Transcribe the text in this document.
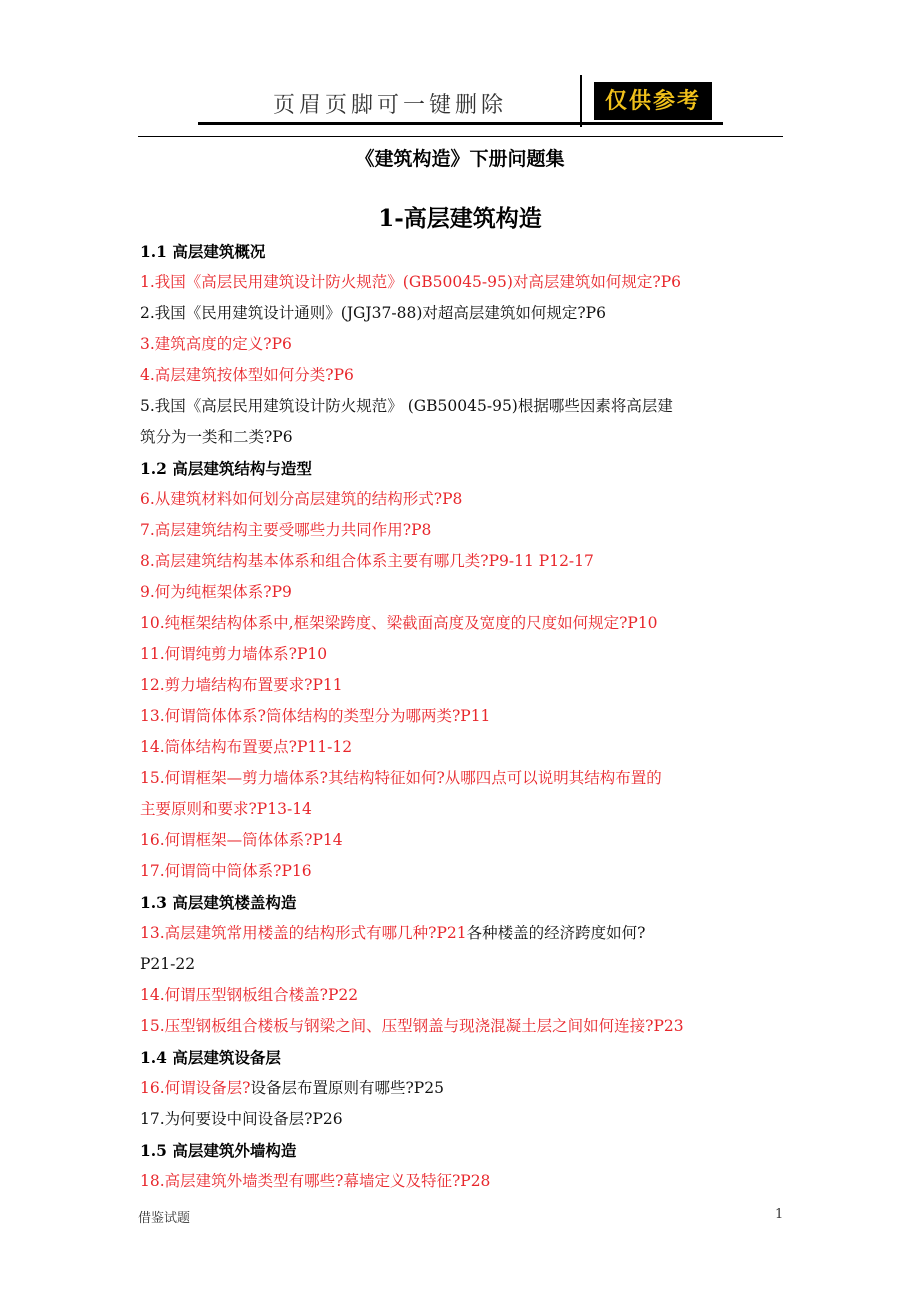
页眉页脚可一键删除	仅供参考
《建筑构造》下册问题集
1-高层建筑构造
1.1 高层建筑概况
1.我国《高层民用建筑设计防火规范》(GB50045-95)对高层建筑如何规定?P6
2.我国《民用建筑设计通则》(JGJ37-88)对超高层建筑如何规定?P6
3.建筑高度的定义?P6
4.高层建筑按体型如何分类?P6
5.我国《高层民用建筑设计防火规范》 (GB50045-95)根据哪些因素将高层建
筑分为一类和二类?P6
1.2 高层建筑结构与造型
6.从建筑材料如何划分高层建筑的结构形式?P8
7.高层建筑结构主要受哪些力共同作用?P8
8.高层建筑结构基本体系和组合体系主要有哪几类?P9-11 P12-17
9.何为纯框架体系?P9
10.纯框架结构体系中,框架梁跨度、梁截面高度及宽度的尺度如何规定?P10
11.何谓纯剪力墙体系?P10
12.剪力墙结构布置要求?P11
13.何谓筒体体系?筒体结构的类型分为哪两类?P11
14.筒体结构布置要点?P11-12
15.何谓框架—剪力墙体系?其结构特征如何?从哪四点可以说明其结构布置的
主要原则和要求?P13-14
16.何谓框架—筒体体系?P14
17.何谓筒中筒体系?P16
1.3 高层建筑楼盖构造
13.高层建筑常用楼盖的结构形式有哪几种?P21各种楼盖的经济跨度如何?
P21-22
14.何谓压型钢板组合楼盖?P22
15.压型钢板组合楼板与钢梁之间、压型钢盖与现浇混凝土层之间如何连接?P23
1.4 高层建筑设备层
16.何谓设备层?设备层布置原则有哪些?P25
17.为何要设中间设备层?P26
1.5 高层建筑外墙构造
18.高层建筑外墙类型有哪些?幕墙定义及特征?P28
借鉴试题	1
